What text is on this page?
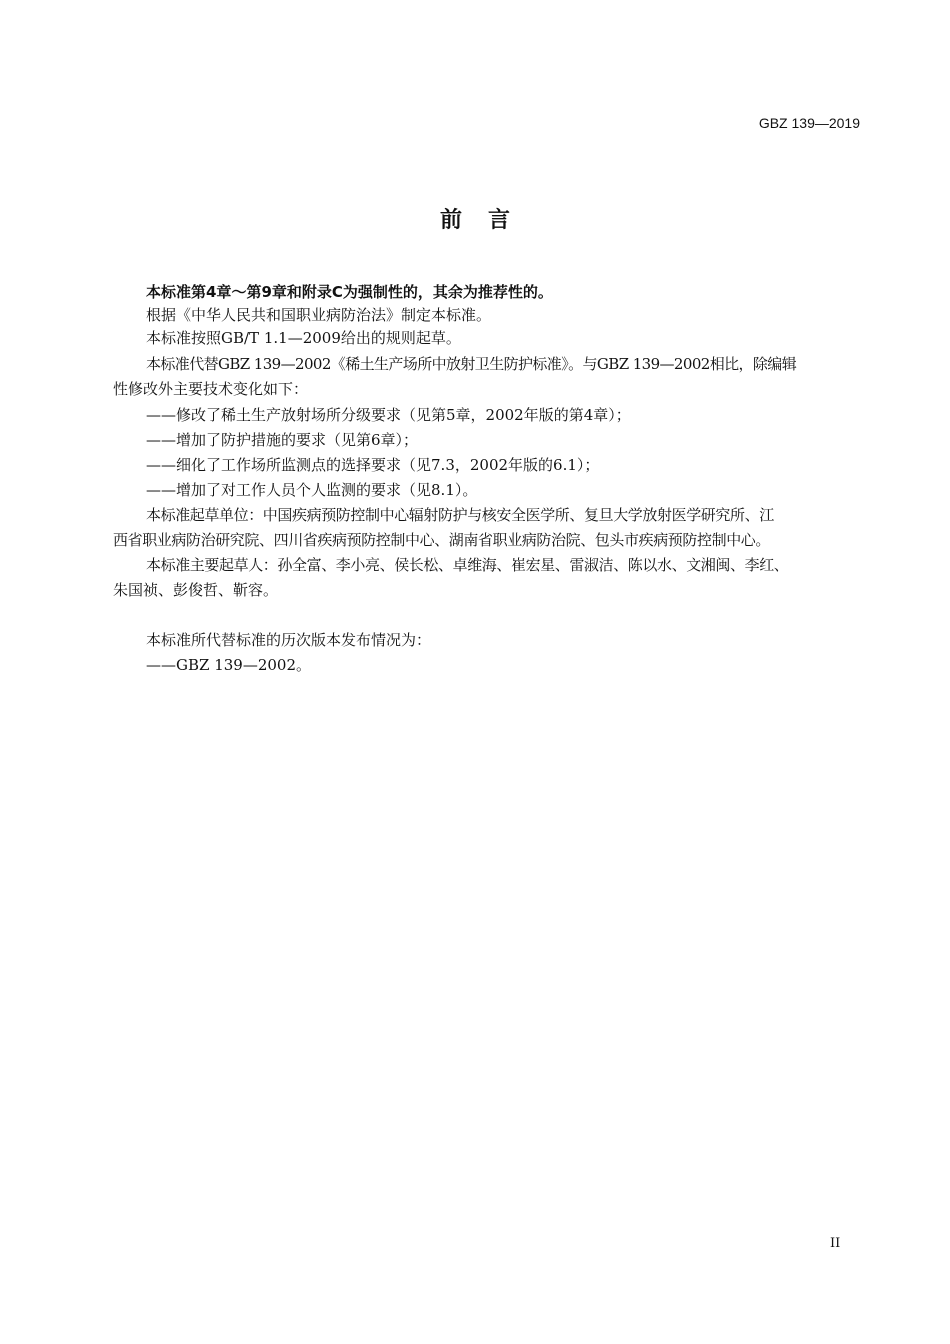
GBZ 139—2019
前言
本标准第4章～第9章和附录C为强制性的，其余为推荐性的。
根据《中华人民共和国职业病防治法》制定本标准。
本标准按照GB/T 1.1—2009给出的规则起草。
本标准代替GBZ 139—2002《稀土生产场所中放射卫生防护标准》。与GBZ 139—2002相比，除编辑
性修改外主要技术变化如下：
——修改了稀土生产放射场所分级要求（见第5章，2002年版的第4章）；
——增加了防护措施的要求（见第6章）；
——细化了工作场所监测点的选择要求（见7.3，2002年版的6.1）；
——增加了对工作人员个人监测的要求（见8.1）。
本标准起草单位：中国疾病预防控制中心辐射防护与核安全医学所、复旦大学放射医学研究所、江
西省职业病防治研究院、四川省疾病预防控制中心、湖南省职业病防治院、包头市疾病预防控制中心。
本标准主要起草人：孙全富、李小亮、侯长松、卓维海、崔宏星、雷淑洁、陈以水、文湘闽、李红、
朱国祯、彭俊哲、靳容。
本标准所代替标准的历次版本发布情况为：
——GBZ 139—2002。
II
